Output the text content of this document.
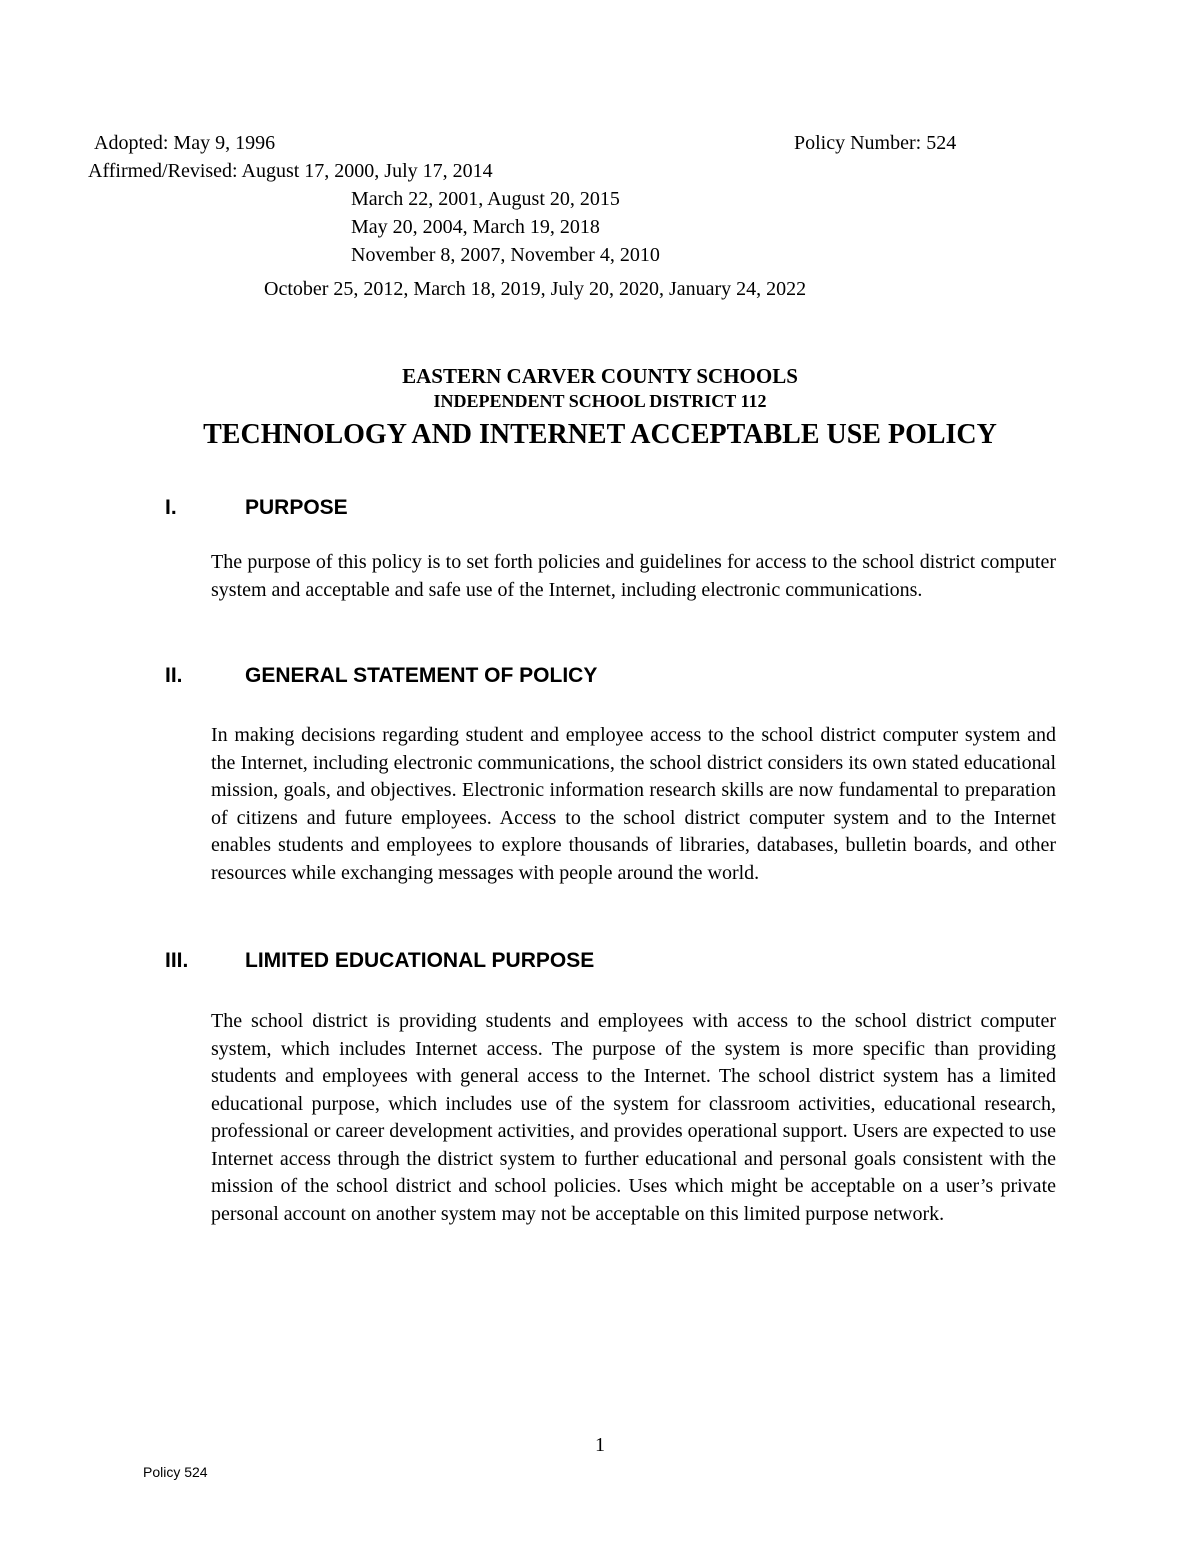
Adopted: May 9, 1996	Policy Number: 524
Affirmed/Revised: August 17, 2000, July 17, 2014
March 22, 2001, August 20, 2015
May 20, 2004, March 19, 2018
November 8, 2007, November 4, 2010
October 25, 2012, March 18, 2019, July 20, 2020, January 24, 2022
EASTERN CARVER COUNTY SCHOOLS
INDEPENDENT SCHOOL DISTRICT 112
TECHNOLOGY AND INTERNET ACCEPTABLE USE POLICY
I.	PURPOSE
The purpose of this policy is to set forth policies and guidelines for access to the school district computer system and acceptable and safe use of the Internet, including electronic communications.
II.	GENERAL STATEMENT OF POLICY
In making decisions regarding student and employee access to the school district computer system and the Internet, including electronic communications, the school district considers its own stated educational mission, goals, and objectives. Electronic information research skills are now fundamental to preparation of citizens and future employees. Access to the school district computer system and to the Internet enables students and employees to explore thousands of libraries, databases, bulletin boards, and other resources while exchanging messages with people around the world.
III.	LIMITED EDUCATIONAL PURPOSE
The school district is providing students and employees with access to the school district computer system, which includes Internet access. The purpose of the system is more specific than providing students and employees with general access to the Internet. The school district system has a limited educational purpose, which includes use of the system for classroom activities, educational research, professional or career development activities, and provides operational support. Users are expected to use Internet access through the district system to further educational and personal goals consistent with the mission of the school district and school policies. Uses which might be acceptable on a user’s private personal account on another system may not be acceptable on this limited purpose network.
1
Policy 524
